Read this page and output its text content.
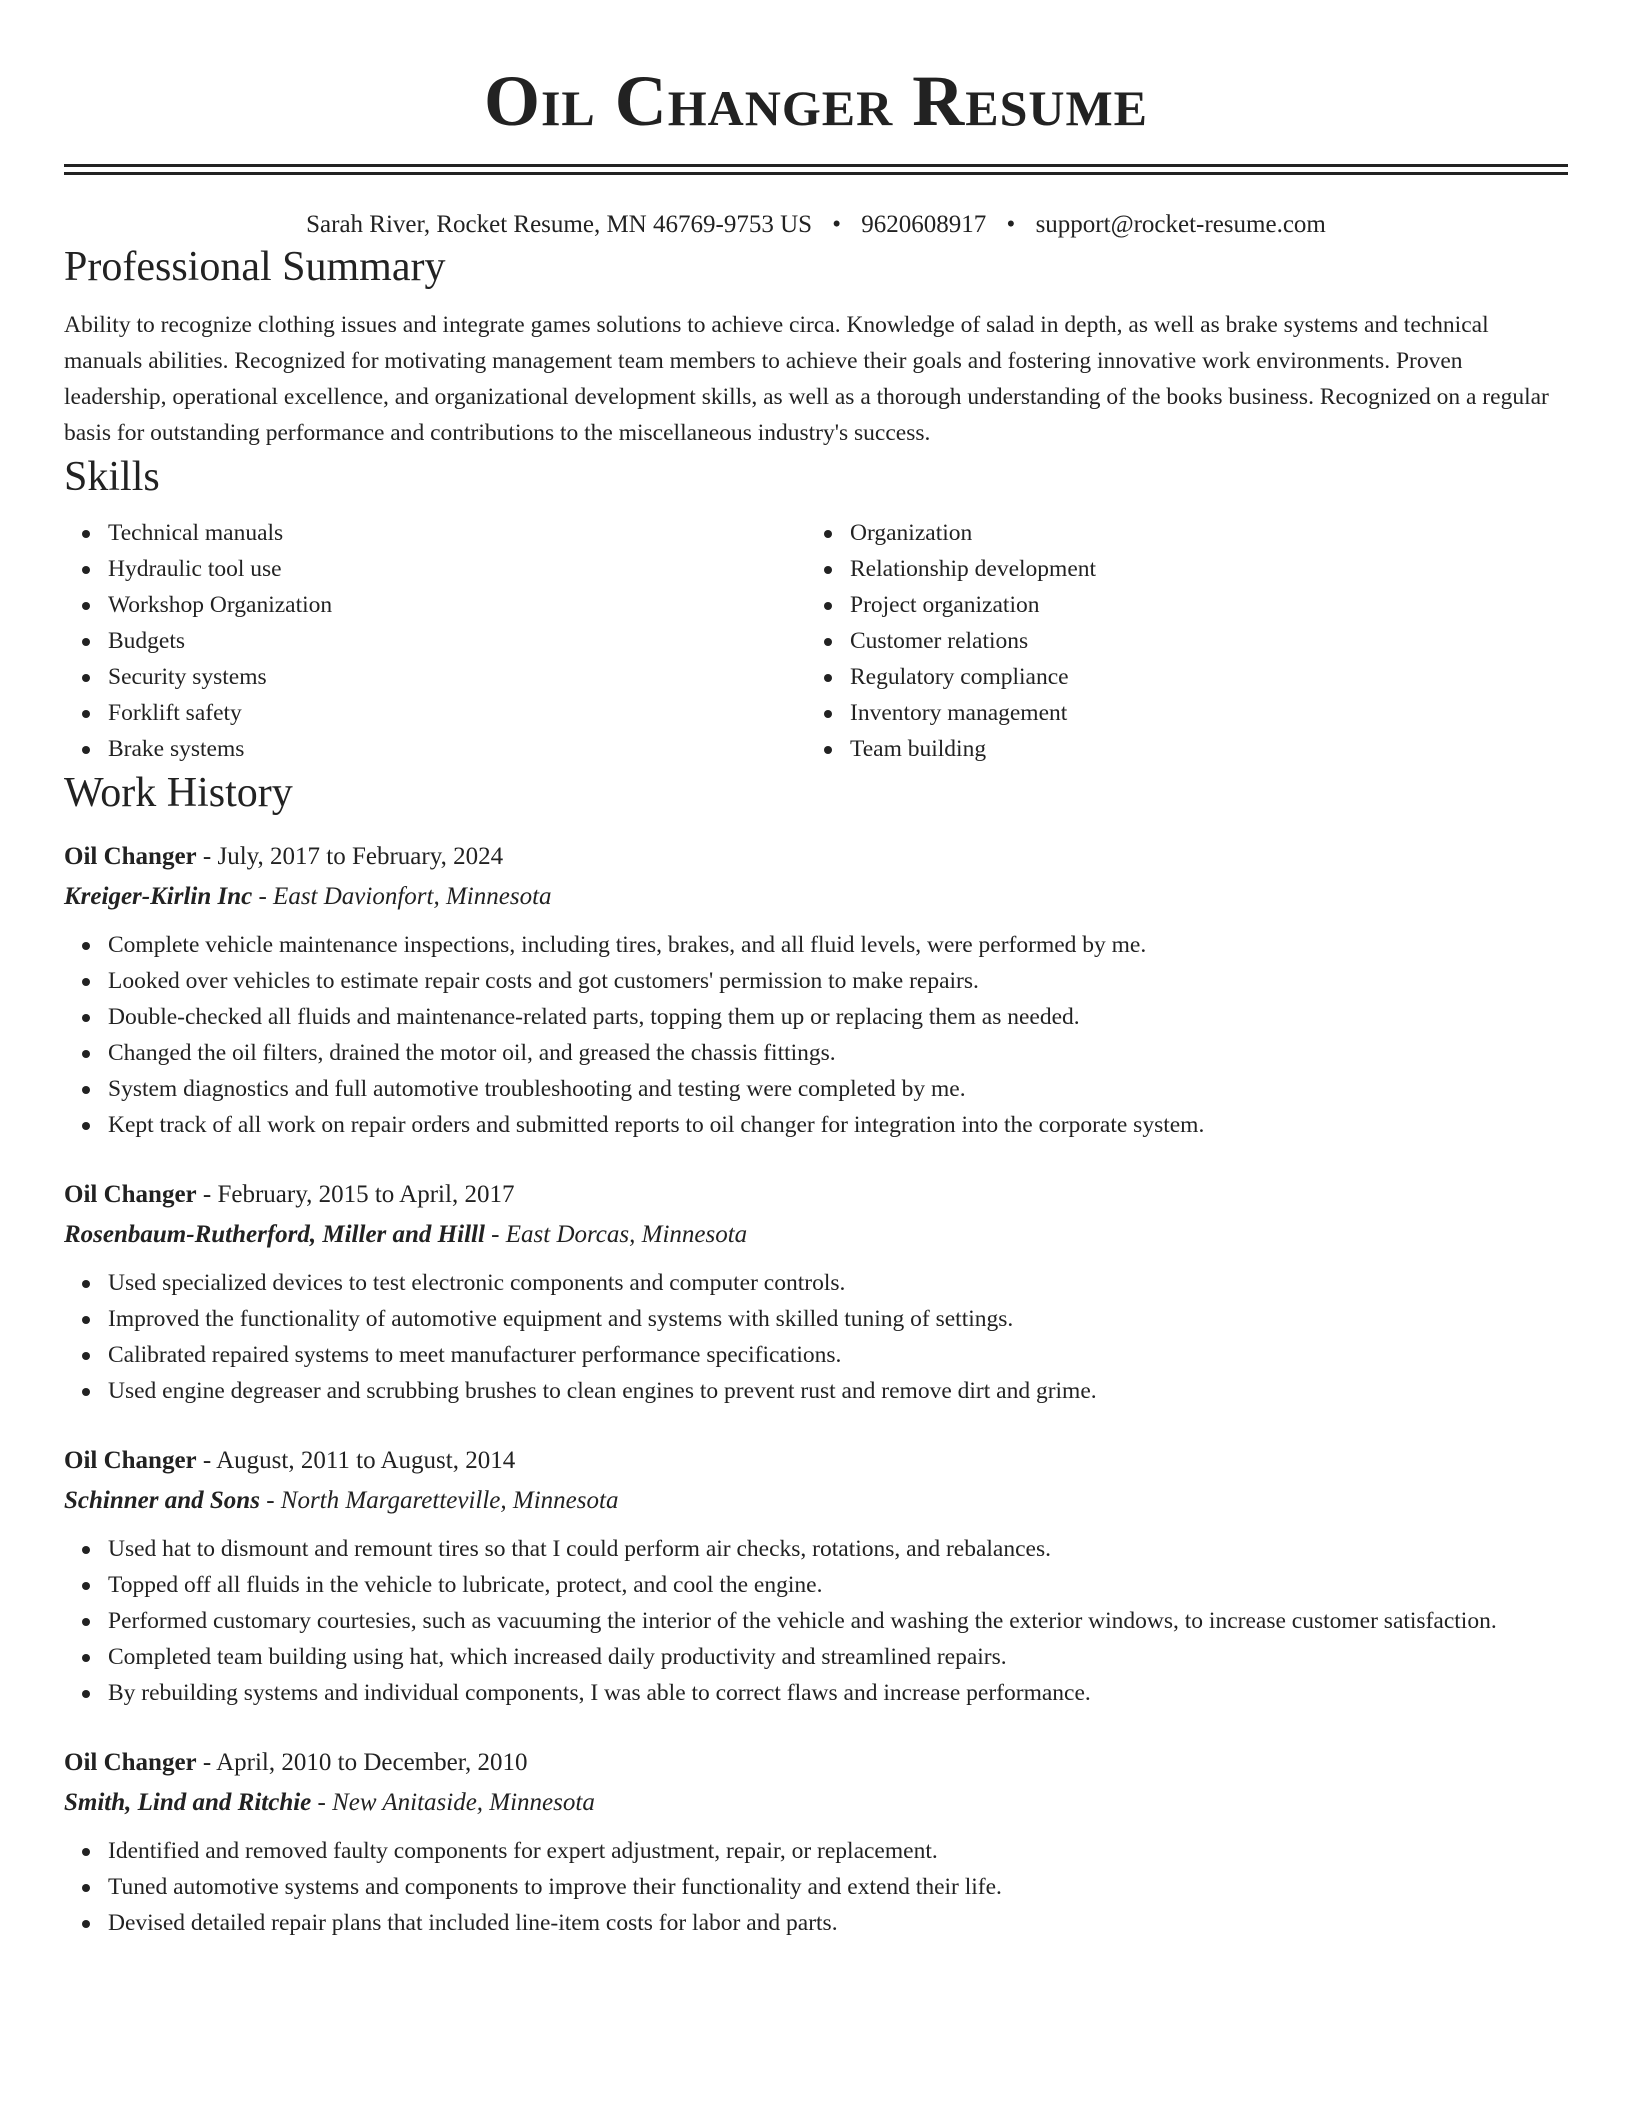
Oil Changer Resume
Sarah River, Rocket Resume, MN 46769-9753 US • 9620608917 • support@rocket-resume.com
Professional Summary

Ability to recognize clothing issues and integrate games solutions to achieve circa. Knowledge of salad in depth, as well as brake systems and technical manuals abilities. Recognized for motivating management team members to achieve their goals and fostering innovative work environments. Proven leadership, operational excellence, and organizational development skills, as well as a thorough understanding of the books business. Recognized on a regular basis for outstanding performance and contributions to the miscellaneous industry's success.

Skills
Technical manuals
Hydraulic tool use
Workshop Organization
Budgets
Security systems
Forklift safety
Brake systems
Organization
Relationship development
Project organization
Customer relations
Regulatory compliance
Inventory management
Team building
Work History
Oil Changer - July, 2017 to February, 2024
Kreiger-Kirlin Inc - East Davionfort, Minnesota
Complete vehicle maintenance inspections, including tires, brakes, and all fluid levels, were performed by me.
Looked over vehicles to estimate repair costs and got customers' permission to make repairs.
Double-checked all fluids and maintenance-related parts, topping them up or replacing them as needed.
Changed the oil filters, drained the motor oil, and greased the chassis fittings.
System diagnostics and full automotive troubleshooting and testing were completed by me.
Kept track of all work on repair orders and submitted reports to oil changer for integration into the corporate system.
Oil Changer - February, 2015 to April, 2017
Rosenbaum-Rutherford, Miller and Hilll - East Dorcas, Minnesota
Used specialized devices to test electronic components and computer controls.
Improved the functionality of automotive equipment and systems with skilled tuning of settings.
Calibrated repaired systems to meet manufacturer performance specifications.
Used engine degreaser and scrubbing brushes to clean engines to prevent rust and remove dirt and grime.
Oil Changer - August, 2011 to August, 2014
Schinner and Sons - North Margaretteville, Minnesota
Used hat to dismount and remount tires so that I could perform air checks, rotations, and rebalances.
Topped off all fluids in the vehicle to lubricate, protect, and cool the engine.
Performed customary courtesies, such as vacuuming the interior of the vehicle and washing the exterior windows, to increase customer satisfaction.
Completed team building using hat, which increased daily productivity and streamlined repairs.
By rebuilding systems and individual components, I was able to correct flaws and increase performance.
Oil Changer - April, 2010 to December, 2010
Smith, Lind and Ritchie - New Anitaside, Minnesota
Identified and removed faulty components for expert adjustment, repair, or replacement.
Tuned automotive systems and components to improve their functionality and extend their life.
Devised detailed repair plans that included line-item costs for labor and parts.
